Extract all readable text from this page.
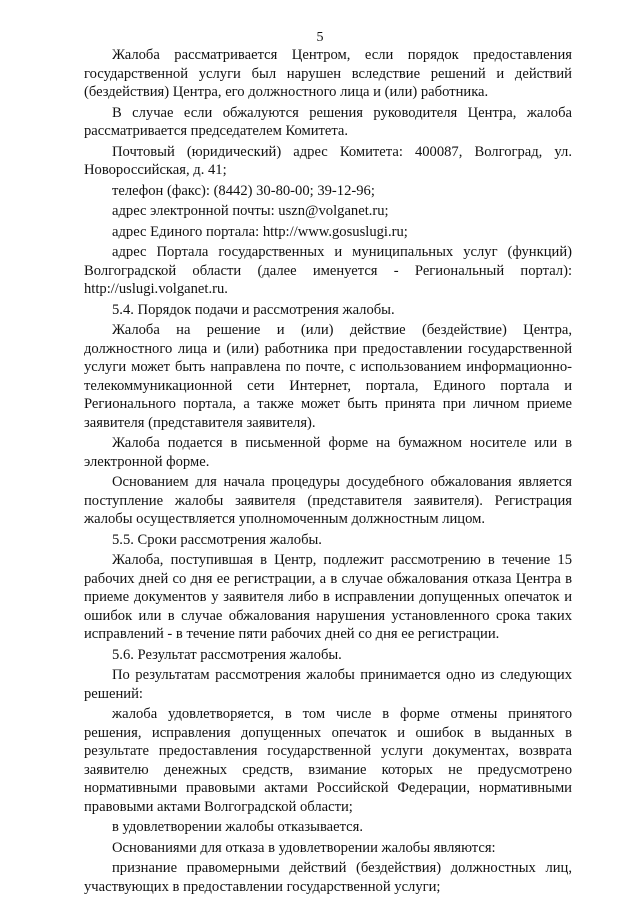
5

Жалоба рассматривается Центром, если порядок предоставления государственной услуги был нарушен вследствие решений и действий (бездействия) Центра, его должностного лица и (или) работника.

В случае если обжалуются решения руководителя Центра, жалоба рассматривается председателем Комитета.

Почтовый (юридический) адрес Комитета: 400087, Волгоград, ул. Новороссийская, д. 41;

телефон (факс): (8442) 30-80-00; 39-12-96;

адрес электронной почты: uszn@volganet.ru;

адрес Единого портала: http://www.gosuslugi.ru;

адрес Портала государственных и муниципальных услуг (функций) Волгоградской области (далее именуется - Региональный портал): http://uslugi.volganet.ru.

5.4. Порядок подачи и рассмотрения жалобы.

Жалоба на решение и (или) действие (бездействие) Центра, должностного лица и (или) работника при предоставлении государственной услуги может быть направлена по почте, с использованием информационно-телекоммуникационной сети Интернет, портала, Единого портала и Регионального портала, а также может быть принята при личном приеме заявителя (представителя заявителя).

Жалоба подается в письменной форме на бумажном носителе или в электронной форме.

Основанием для начала процедуры досудебного обжалования является поступление жалобы заявителя (представителя заявителя). Регистрация жалобы осуществляется уполномоченным должностным лицом.

5.5. Сроки рассмотрения жалобы.

Жалоба, поступившая в Центр, подлежит рассмотрению в течение 15 рабочих дней со дня ее регистрации, а в случае обжалования отказа Центра в приеме документов у заявителя либо в исправлении допущенных опечаток и ошибок или в случае обжалования нарушения установленного срока таких исправлений - в течение пяти рабочих дней со дня ее регистрации.

5.6. Результат рассмотрения жалобы.

По результатам рассмотрения жалобы принимается одно из следующих решений:

жалоба удовлетворяется, в том числе в форме отмены принятого решения, исправления допущенных опечаток и ошибок в выданных в результате предоставления государственной услуги документах, возврата заявителю денежных средств, взимание которых не предусмотрено нормативными правовыми актами Российской Федерации, нормативными правовыми актами Волгоградской области;

в удовлетворении жалобы отказывается.

Основаниями для отказа в удовлетворении жалобы являются:

признание правомерными действий (бездействия) должностных лиц, участвующих в предоставлении государственной услуги;
